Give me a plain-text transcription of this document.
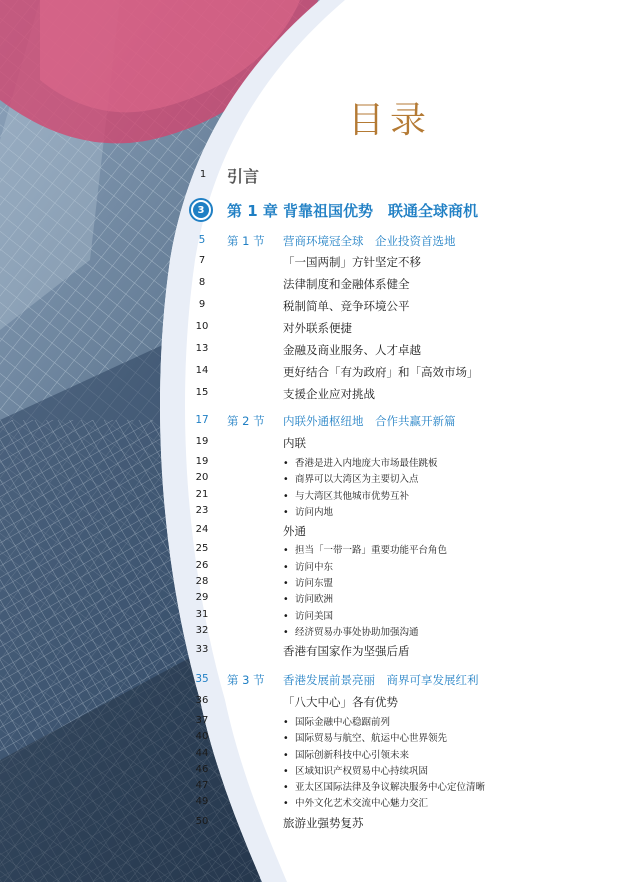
目录
1	引言
3	第 1 章 背靠祖国优势　联通全球商机
5	第 1 节 营商环境冠全球　企业投资首选地
7	「一国两制」方针坚定不移
8	法律制度和金融体系健全
9	税制简单、竞争环境公平
10	对外联系便捷
13	金融及商业服务、人才卓越
14	更好结合「有为政府」和「高效市场」
15	支援企业应对挑战
17	第 2 节 内联外通枢纽地　合作共赢开新篇
19	内联
19	• 香港是进入内地庞大市场最佳跳板
20	• 商界可以大湾区为主要切入点
21	• 与大湾区其他城市优势互补
23	• 访问内地
24	外通
25	• 担当「一带一路」重要功能平台角色
26	• 访问中东
28	• 访问东盟
29	• 访问欧洲
31	• 访问美国
32	• 经济贸易办事处协助加强沟通
33	香港有国家作为坚强后盾
35	第 3 节 香港发展前景亮丽　商界可享发展红利
36	「八大中心」各有优势
37	• 国际金融中心稳踞前列
40	• 国际贸易与航空、航运中心世界领先
44	• 国际创新科技中心引领未来
46	• 区域知识产权贸易中心持续巩固
47	• 亚太区国际法律及争议解决服务中心定位清晰
49	• 中外文化艺术交流中心魅力交汇
50	旅游业强势复苏
